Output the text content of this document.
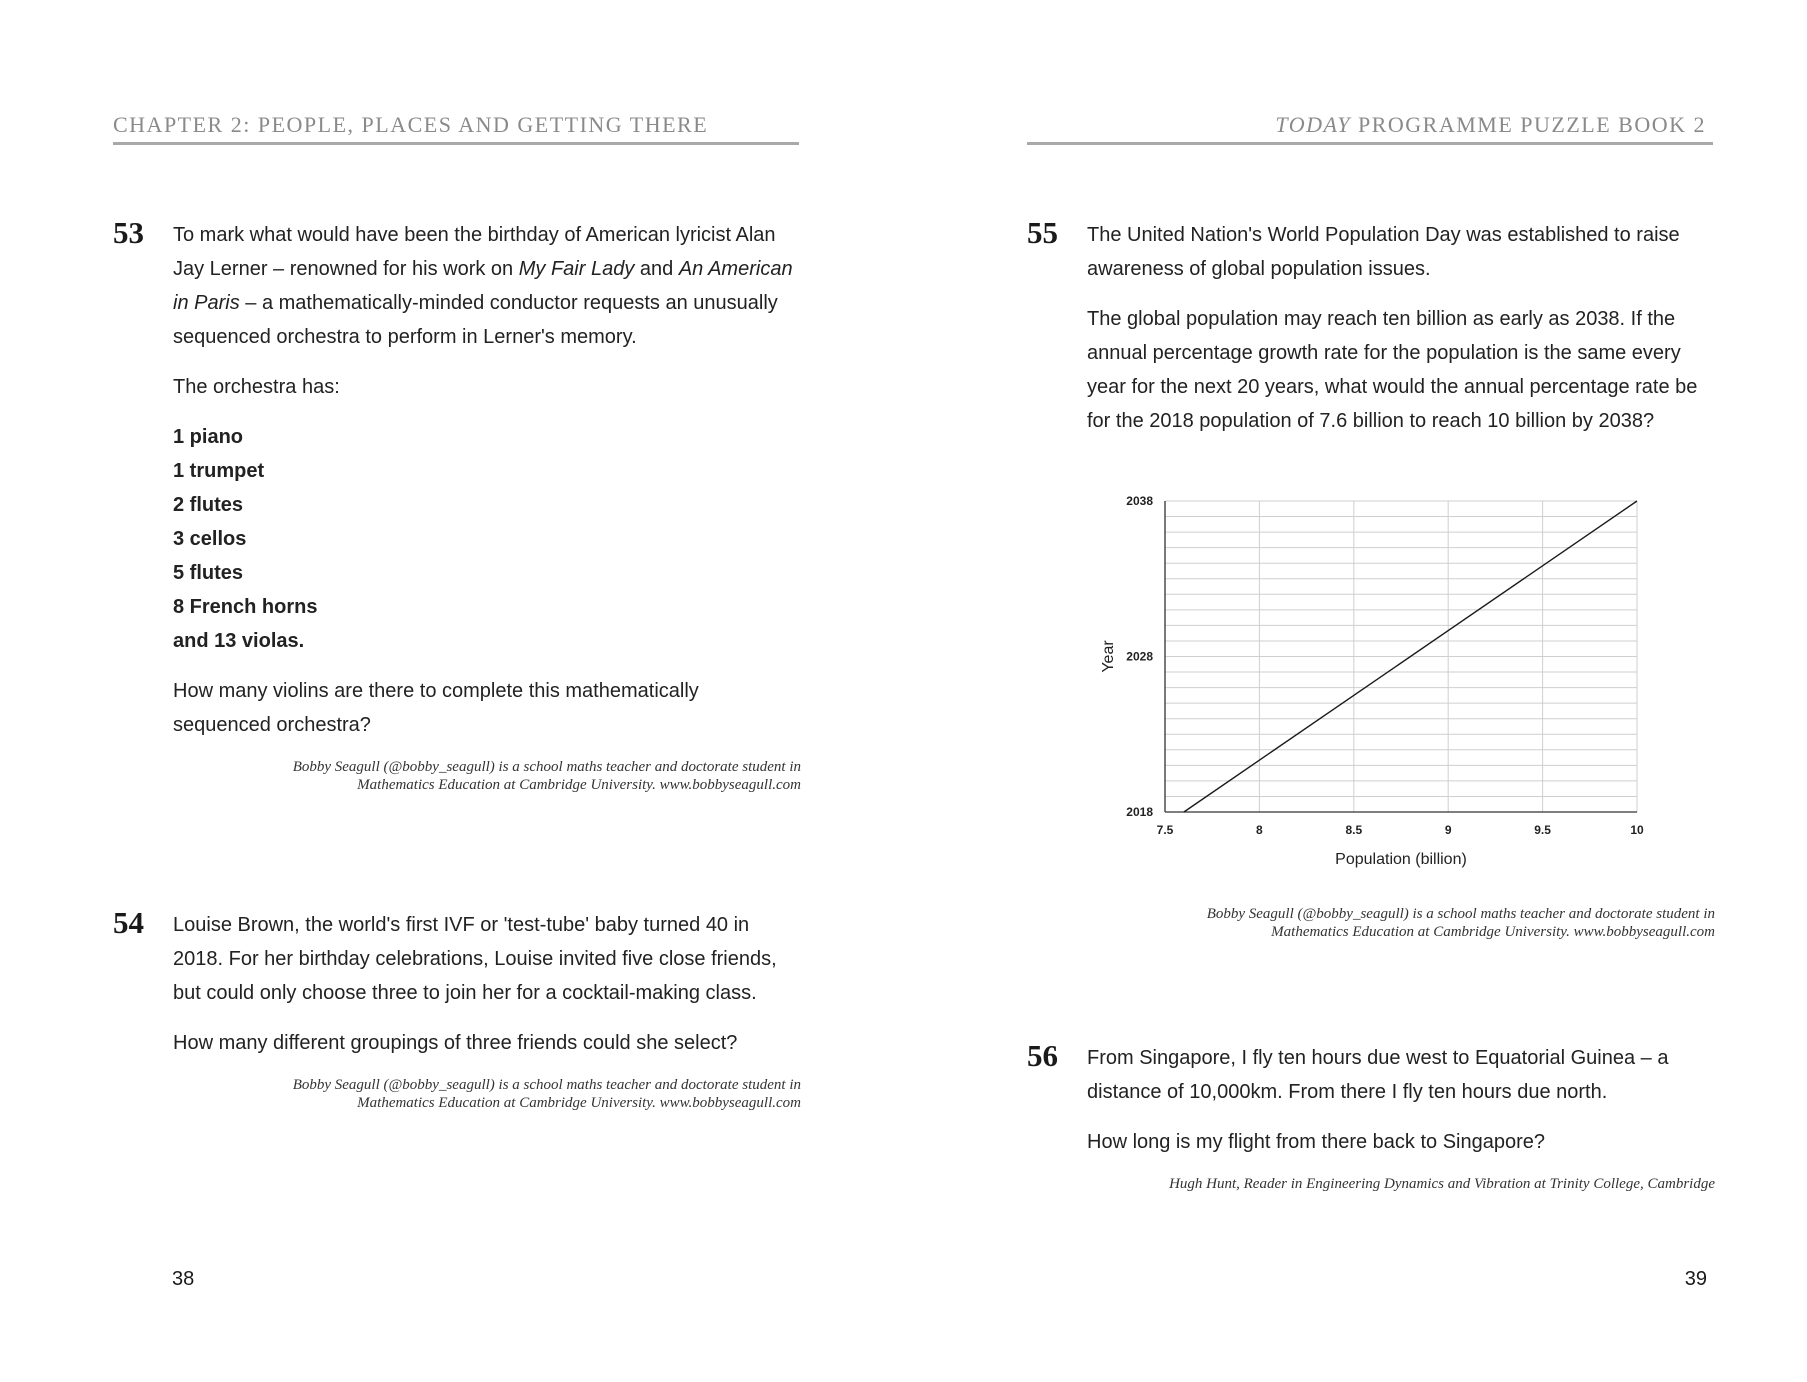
CHAPTER 2: PEOPLE, PLACES AND GETTING THERE
53 To mark what would have been the birthday of American lyricist Alan Jay Lerner – renowned for his work on My Fair Lady and An American in Paris – a mathematically-minded conductor requests an unusually sequenced orchestra to perform in Lerner's memory.

The orchestra has:

1 piano
1 trumpet
2 flutes
3 cellos
5 flutes
8 French horns
and 13 violas.

How many violins are there to complete this mathematically sequenced orchestra?

Bobby Seagull (@bobby_seagull) is a school maths teacher and doctorate student in
Mathematics Education at Cambridge University. www.bobbyseagull.com
54 Louise Brown, the world's first IVF or 'test-tube' baby turned 40 in 2018. For her birthday celebrations, Louise invited five close friends, but could only choose three to join her for a cocktail-making class.

How many different groupings of three friends could she select?

Bobby Seagull (@bobby_seagull) is a school maths teacher and doctorate student in
Mathematics Education at Cambridge University. www.bobbyseagull.com
38
TODAY PROGRAMME PUZZLE BOOK 2
55 The United Nation's World Population Day was established to raise awareness of global population issues.

The global population may reach ten billion as early as 2038. If the annual percentage growth rate for the population is the same every year for the next 20 years, what would the annual percentage rate be for the 2018 population of 7.6 billion to reach 10 billion by 2038?

Bobby Seagull (@bobby_seagull) is a school maths teacher and doctorate student in
Mathematics Education at Cambridge University. www.bobbyseagull.com
56 From Singapore, I fly ten hours due west to Equatorial Guinea – a distance of 10,000km. From there I fly ten hours due north.

How long is my flight from there back to Singapore?

Hugh Hunt, Reader in Engineering Dynamics and Vibration at Trinity College, Cambridge
39
7.5	8	8.5	9	9.5	10
2018
2028
2038
Population (billion)
Year
